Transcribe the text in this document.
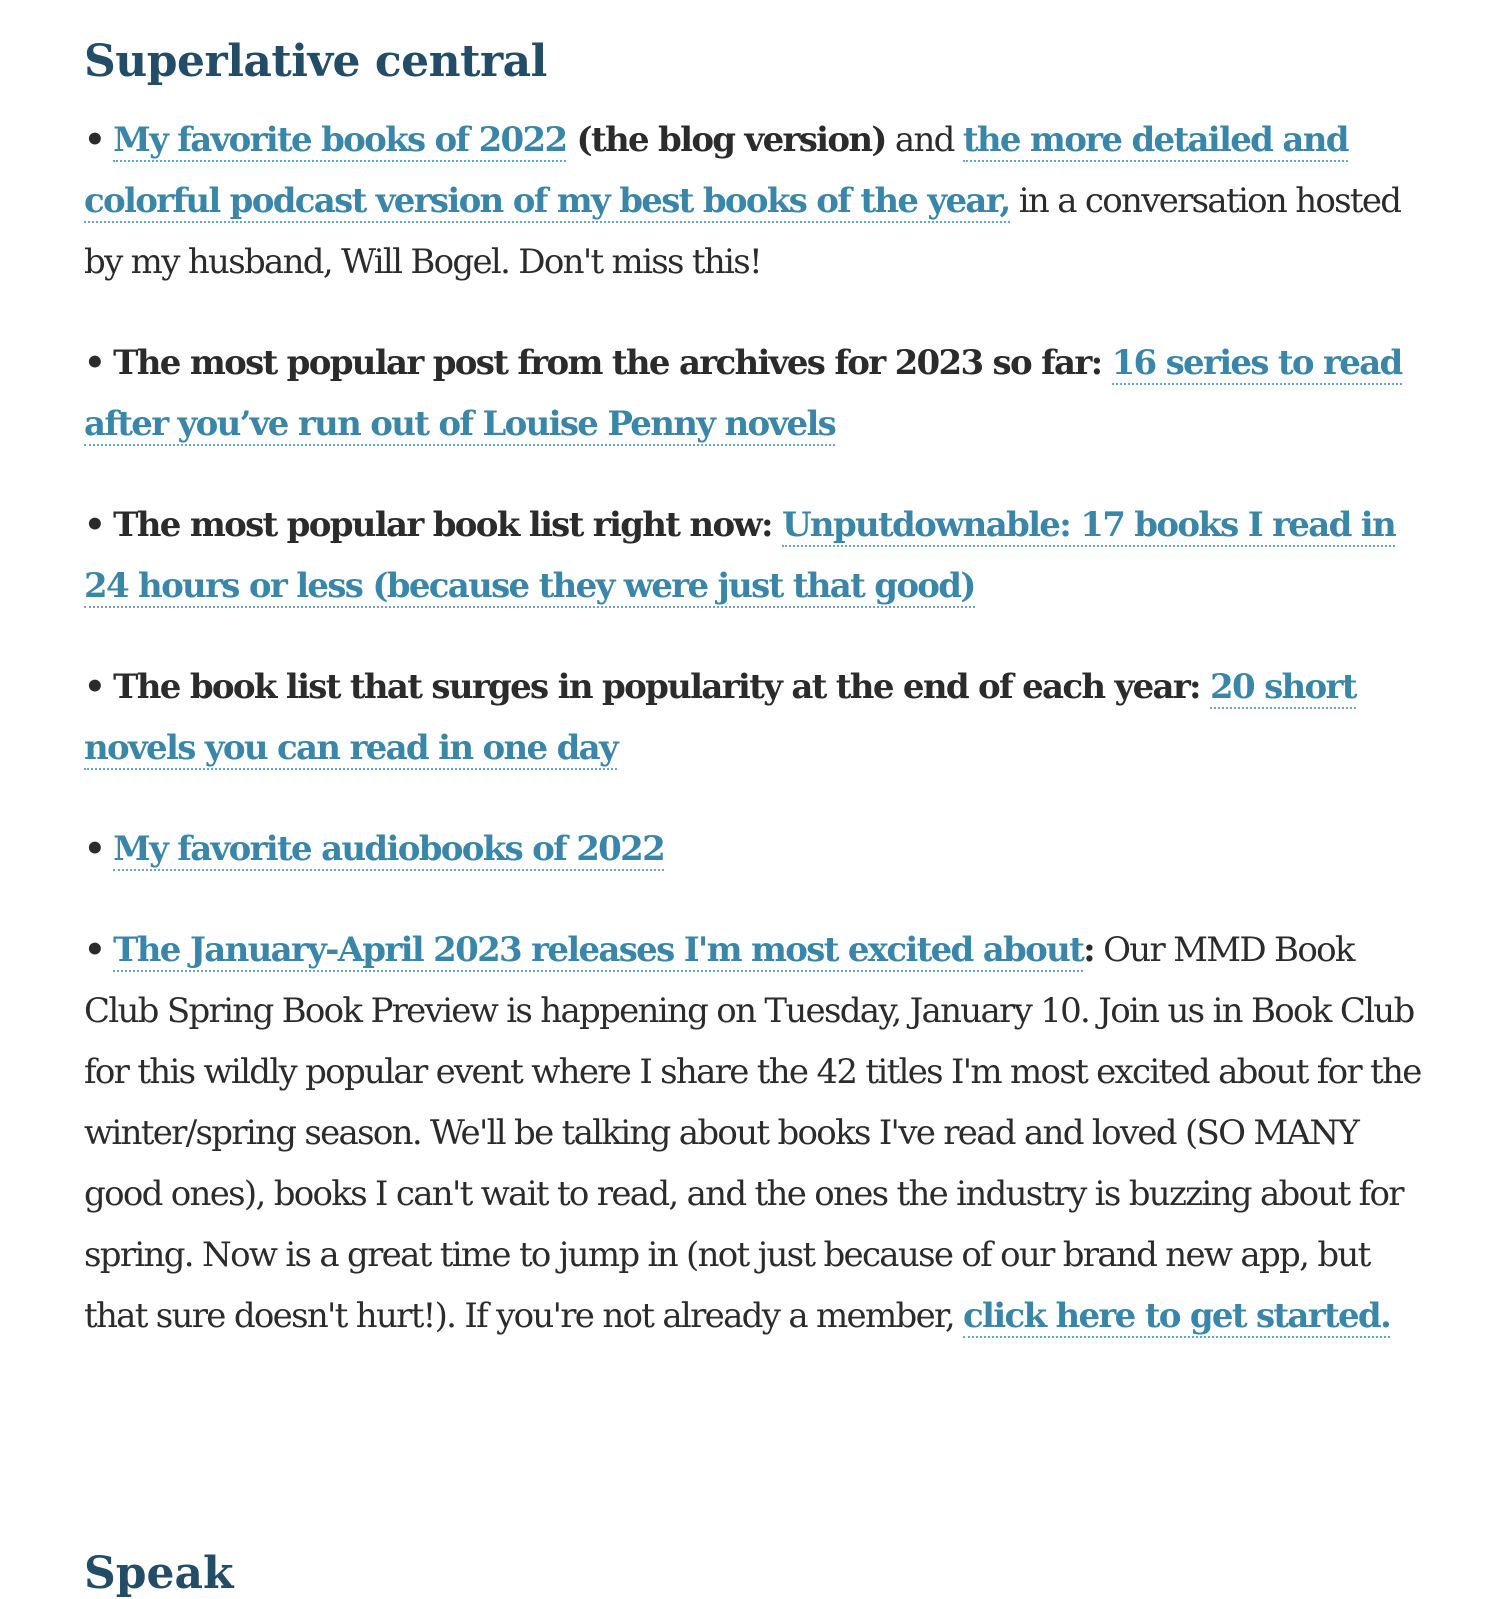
Superlative central

• My favorite books of 2022 (the blog version) and the more detailed and colorful podcast version of my best books of the year, in a conversation hosted by my husband, Will Bogel. Don't miss this!

• The most popular post from the archives for 2023 so far: 16 series to read after you’ve run out of Louise Penny novels

• The most popular book list right now: Unputdownable: 17 books I read in 24 hours or less (because they were just that good)

• The book list that surges in popularity at the end of each year: 20 short novels you can read in one day

• My favorite audiobooks of 2022

• The January-April 2023 releases I'm most excited about: Our MMD Book Club Spring Book Preview is happening on Tuesday, January 10. Join us in Book Club for this wildly popular event where I share the 42 titles I'm most excited about for the winter/spring season. We'll be talking about books I've read and loved (SO MANY good ones), books I can't wait to read, and the ones the industry is buzzing about for spring. Now is a great time to jump in (not just because of our brand new app, but that sure doesn't hurt!). If you're not already a member, click here to get started.

Speak
